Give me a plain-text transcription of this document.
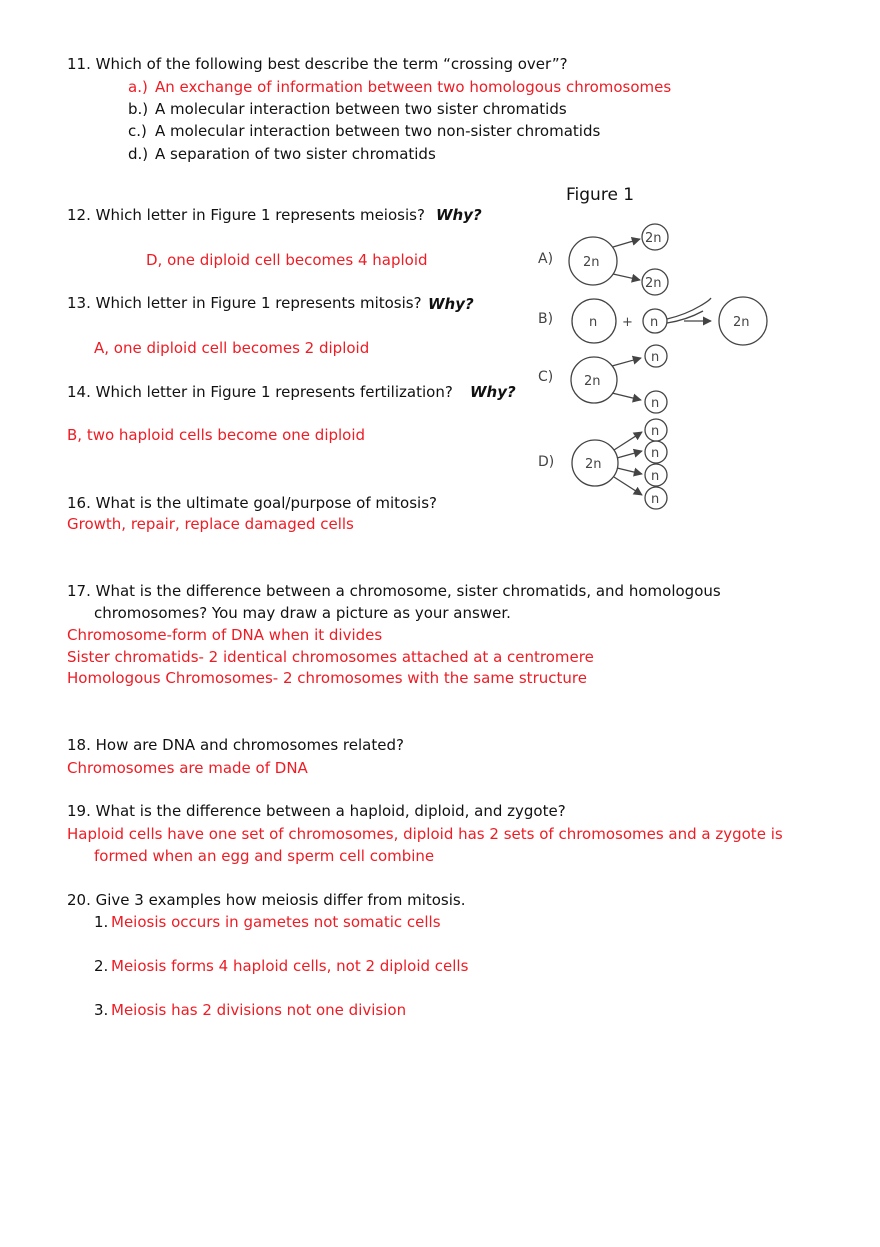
11. Which of the following best describe the term “crossing over”?
a.) An exchange of information between two homologous chromosomes
b.) A molecular interaction between two sister chromatids
c.) A molecular interaction between two non-sister chromatids
d.) A separation of two sister chromatids
12. Which letter in Figure 1 represents meiosis? Why?
D, one diploid cell becomes 4 haploid
13. Which letter in Figure 1 represents mitosis? Why?
A, one diploid cell becomes 2 diploid
14. Which letter in Figure 1 represents fertilization? Why?
B, two haploid cells become one diploid
16. What is the ultimate goal/purpose of mitosis?
Growth, repair, replace damaged cells
17. What is the difference between a chromosome, sister chromatids, and homologous
chromosomes? You may draw a picture as your answer.
Chromosome-form of DNA when it divides
Sister chromatids- 2 identical chromosomes attached at a centromere
Homologous Chromosomes- 2 chromosomes with the same structure
18. How are DNA and chromosomes related?
Chromosomes are made of DNA
19. What is the difference between a haploid, diploid, and zygote?
Haploid cells have one set of chromosomes, diploid has 2 sets of chromosomes and a zygote is
formed when an egg and sperm cell combine
20. Give 3 examples how meiosis differ from mitosis.
1. Meiosis occurs in gametes not somatic cells
2. Meiosis forms 4 haploid cells, not 2 diploid cells
3. Meiosis has 2 divisions not one division
Figure 1
A) 2n
2n
2n
B)	n + n	2n
C) 2n
n
n
D) 2n
n
n
n
n
